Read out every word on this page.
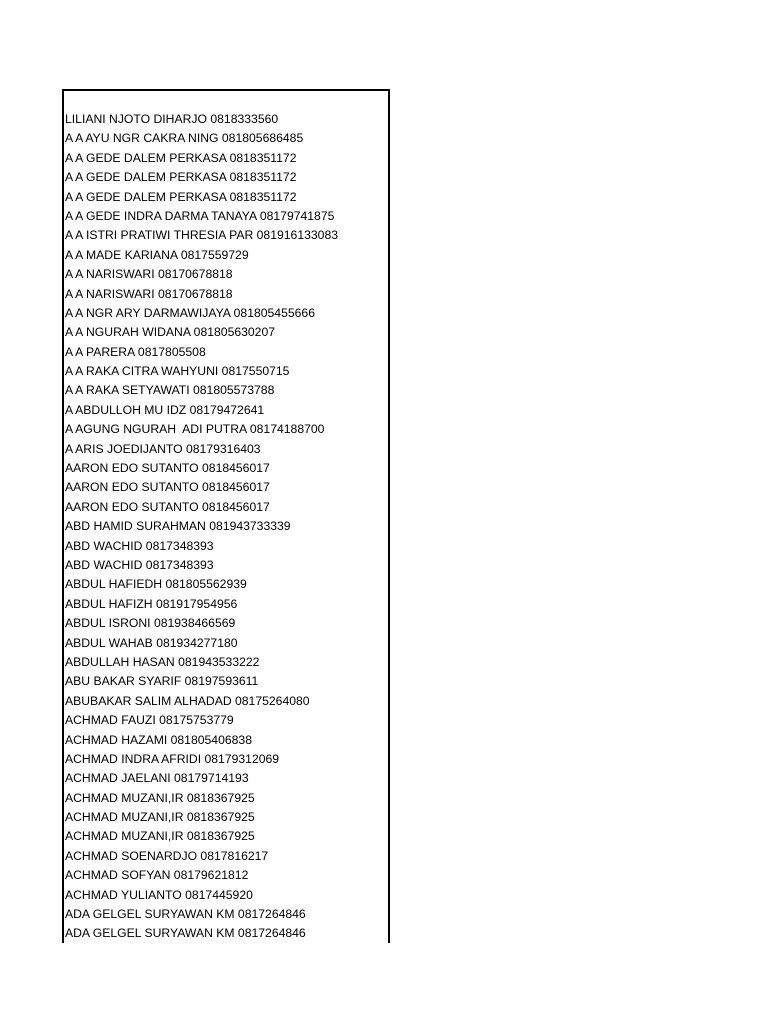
LILIANI NJOTO DIHARJO 0818333560
A A AYU NGR CAKRA NING 081805686485
A A GEDE DALEM PERKASA 0818351172
A A GEDE DALEM PERKASA 0818351172
A A GEDE DALEM PERKASA 0818351172
A A GEDE INDRA DARMA TANAYA 08179741875
A A ISTRI PRATIWI THRESIA PAR 081916133083
A A MADE KARIANA 0817559729
A A NARISWARI 08170678818
A A NARISWARI 08170678818
A A NGR ARY DARMAWIJAYA 081805455666
A A NGURAH WIDANA 081805630207
A A PARERA 0817805508
A A RAKA CITRA WAHYUNI 0817550715
A A RAKA SETYAWATI 081805573788
A ABDULLOH MU IDZ 08179472641
A AGUNG NGURAH  ADI PUTRA 08174188700
A ARIS JOEDIJANTO 08179316403
AARON EDO SUTANTO 0818456017
AARON EDO SUTANTO 0818456017
AARON EDO SUTANTO 0818456017
ABD HAMID SURAHMAN 081943733339
ABD WACHID 0817348393
ABD WACHID 0817348393
ABDUL HAFIEDH 081805562939
ABDUL HAFIZH 081917954956
ABDUL ISRONI 081938466569
ABDUL WAHAB 081934277180
ABDULLAH HASAN 081943533222
ABU BAKAR SYARIF 08197593611
ABUBAKAR SALIM ALHADAD 08175264080
ACHMAD FAUZI 08175753779
ACHMAD HAZAMI 081805406838
ACHMAD INDRA AFRIDI 08179312069
ACHMAD JAELANI 08179714193
ACHMAD MUZANI,IR 0818367925
ACHMAD MUZANI,IR 0818367925
ACHMAD MUZANI,IR 0818367925
ACHMAD SOENARDJO 0817816217
ACHMAD SOFYAN 08179621812
ACHMAD YULIANTO 0817445920
ADA GELGEL SURYAWAN KM 0817264846
ADA GELGEL SURYAWAN KM 0817264846
